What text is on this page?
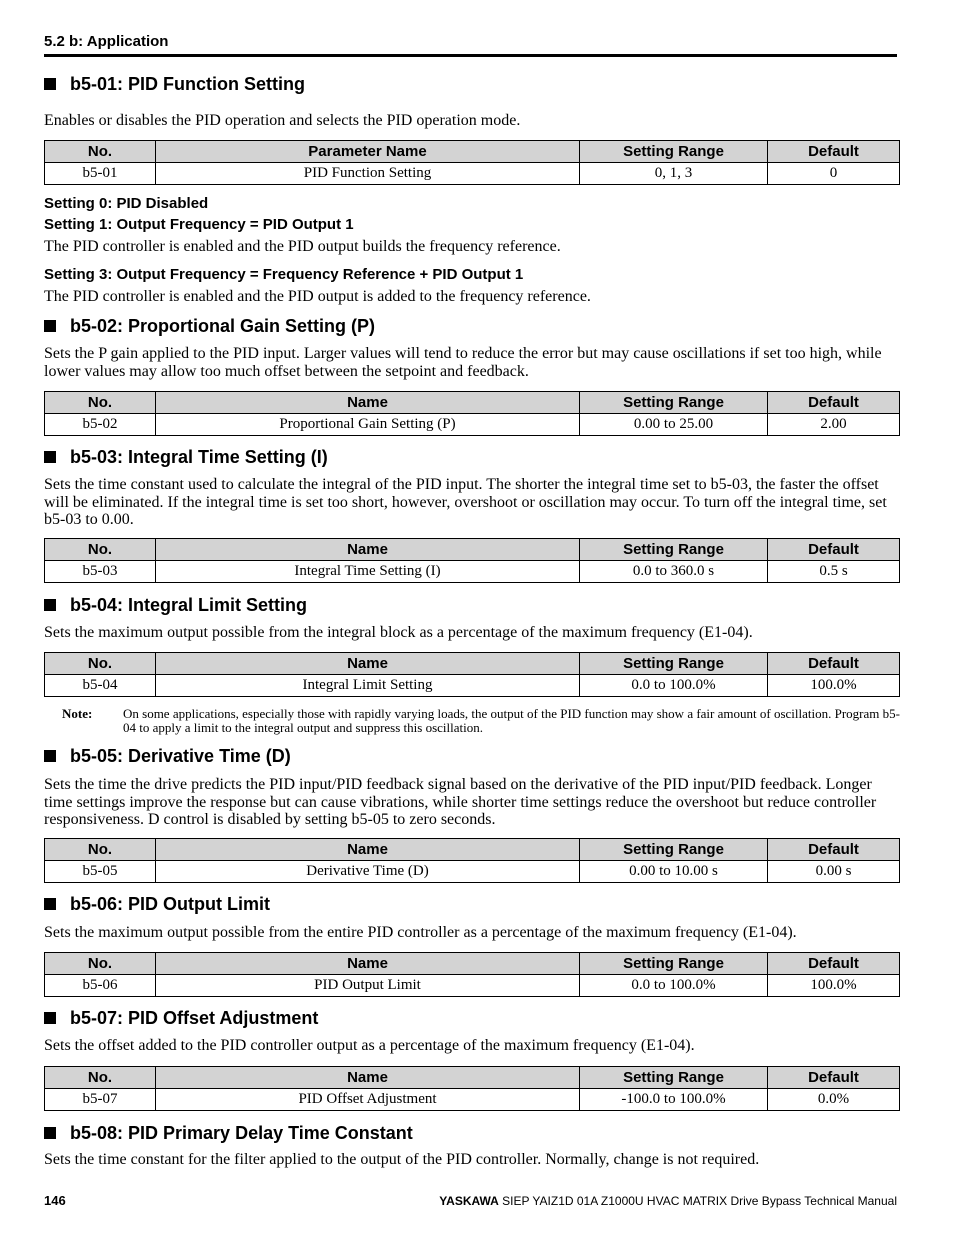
5.2 b: Application
b5-01: PID Function Setting
Enables or disables the PID operation and selects the PID operation mode.
No.	Parameter Name	Setting Range	Default
b5-01	PID Function Setting	0, 1, 3	0
Setting 0: PID Disabled
Setting 1: Output Frequency = PID Output 1
The PID controller is enabled and the PID output builds the frequency reference.
Setting 3: Output Frequency = Frequency Reference + PID Output 1
The PID controller is enabled and the PID output is added to the frequency reference.
b5-02: Proportional Gain Setting (P)
Sets the P gain applied to the PID input. Larger values will tend to reduce the error but may cause oscillations if set too high, while lower values may allow too much offset between the setpoint and feedback.
No.	Name	Setting Range	Default
b5-02	Proportional Gain Setting (P)	0.00 to 25.00	2.00
b5-03: Integral Time Setting (I)
Sets the time constant used to calculate the integral of the PID input. The shorter the integral time set to b5-03, the faster the offset will be eliminated. If the integral time is set too short, however, overshoot or oscillation may occur. To turn off the integral time, set b5-03 to 0.00.
No.	Name	Setting Range	Default
b5-03	Integral Time Setting (I)	0.0 to 360.0 s	0.5 s
b5-04: Integral Limit Setting
Sets the maximum output possible from the integral block as a percentage of the maximum frequency (E1-04).
No.	Name	Setting Range	Default
b5-04	Integral Limit Setting	0.0 to 100.0%	100.0%
Note: On some applications, especially those with rapidly varying loads, the output of the PID function may show a fair amount of oscillation. Program b5-04 to apply a limit to the integral output and suppress this oscillation.
b5-05: Derivative Time (D)
Sets the time the drive predicts the PID input/PID feedback signal based on the derivative of the PID input/PID feedback. Longer time settings improve the response but can cause vibrations, while shorter time settings reduce the overshoot but reduce controller responsiveness. D control is disabled by setting b5-05 to zero seconds.
No.	Name	Setting Range	Default
b5-05	Derivative Time (D)	0.00 to 10.00 s	0.00 s
b5-06: PID Output Limit
Sets the maximum output possible from the entire PID controller as a percentage of the maximum frequency (E1-04).
No.	Name	Setting Range	Default
b5-06	PID Output Limit	0.0 to 100.0%	100.0%
b5-07: PID Offset Adjustment
Sets the offset added to the PID controller output as a percentage of the maximum frequency (E1-04).
No.	Name	Setting Range	Default
b5-07	PID Offset Adjustment	-100.0 to 100.0%	0.0%
b5-08: PID Primary Delay Time Constant
Sets the time constant for the filter applied to the output of the PID controller. Normally, change is not required.
146	YASKAWA SIEP YAIZ1D 01A Z1000U HVAC MATRIX Drive Bypass Technical Manual
